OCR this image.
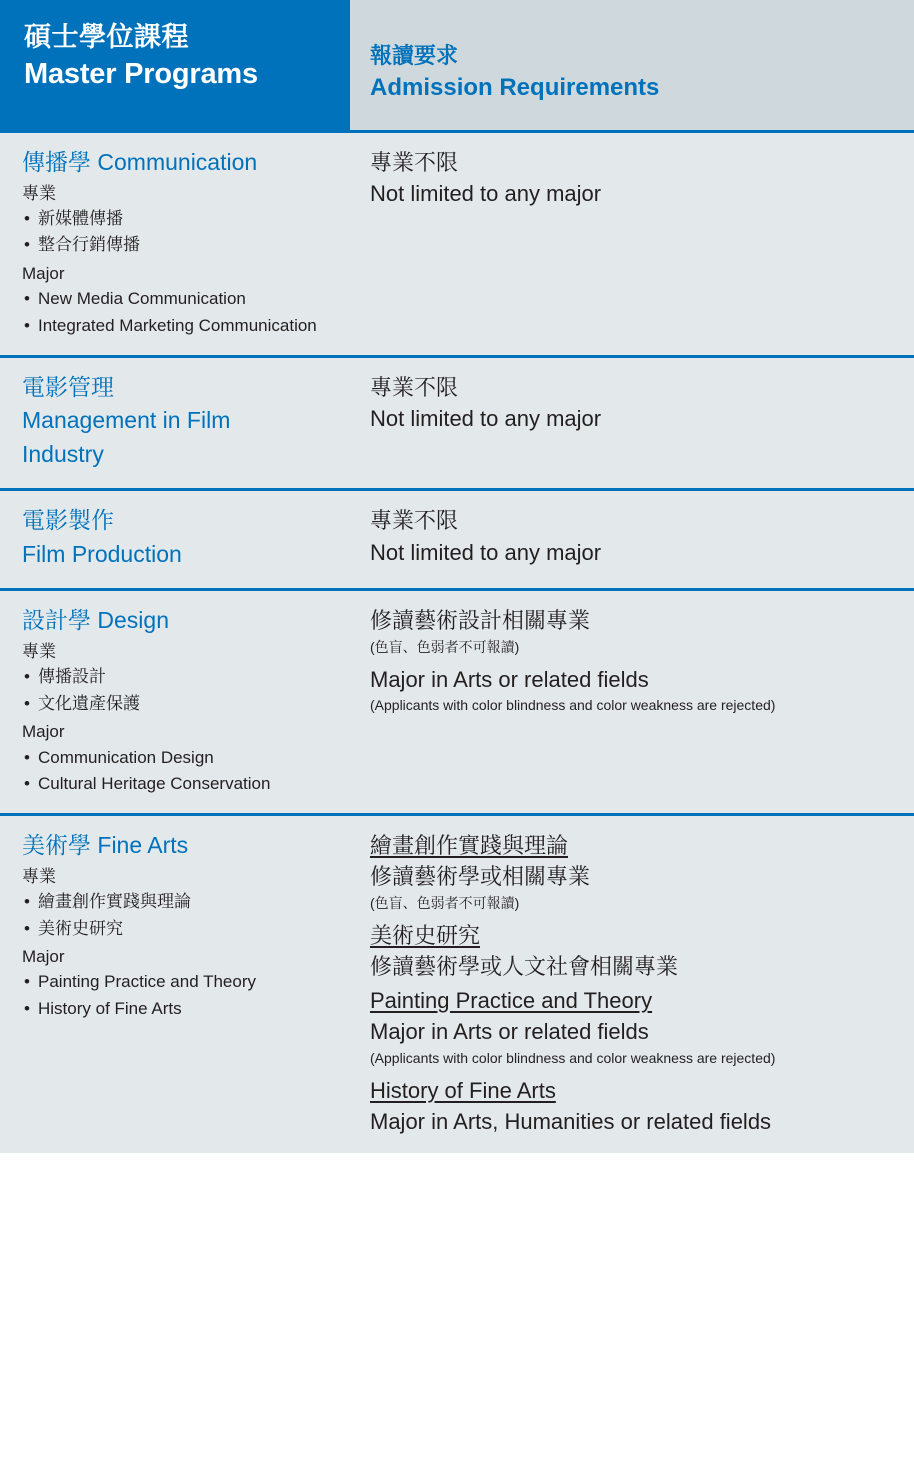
碩士學位課程
Master Programs
報讀要求
Admission Requirements
傳播學 Communication
專業
• 新媒體傳播
• 整合行銷傳播
Major
• New Media Communication
• Integrated Marketing Communication
專業不限
Not limited to any major
電影管理
Management in Film
Industry
專業不限
Not limited to any major
電影製作
Film Production
專業不限
Not limited to any major
設計學 Design
專業
• 傳播設計
• 文化遺產保護
Major
• Communication Design
• Cultural Heritage Conservation
修讀藝術設計相關專業
(色盲、色弱者不可報讀)
Major in Arts or related fields
(Applicants with color blindness and color weakness are rejected)
美術學 Fine Arts
專業
• 繪畫創作實踐與理論
• 美術史研究
Major
• Painting Practice and Theory
• History of Fine Arts
繪畫創作實踐與理論
修讀藝術學或相關專業
(色盲、色弱者不可報讀)
美術史研究
修讀藝術學或人文社會相關專業
Painting Practice and Theory
Major in Arts or related fields
(Applicants with color blindness and color weakness are rejected)
History of Fine Arts
Major in Arts, Humanities or related fields
